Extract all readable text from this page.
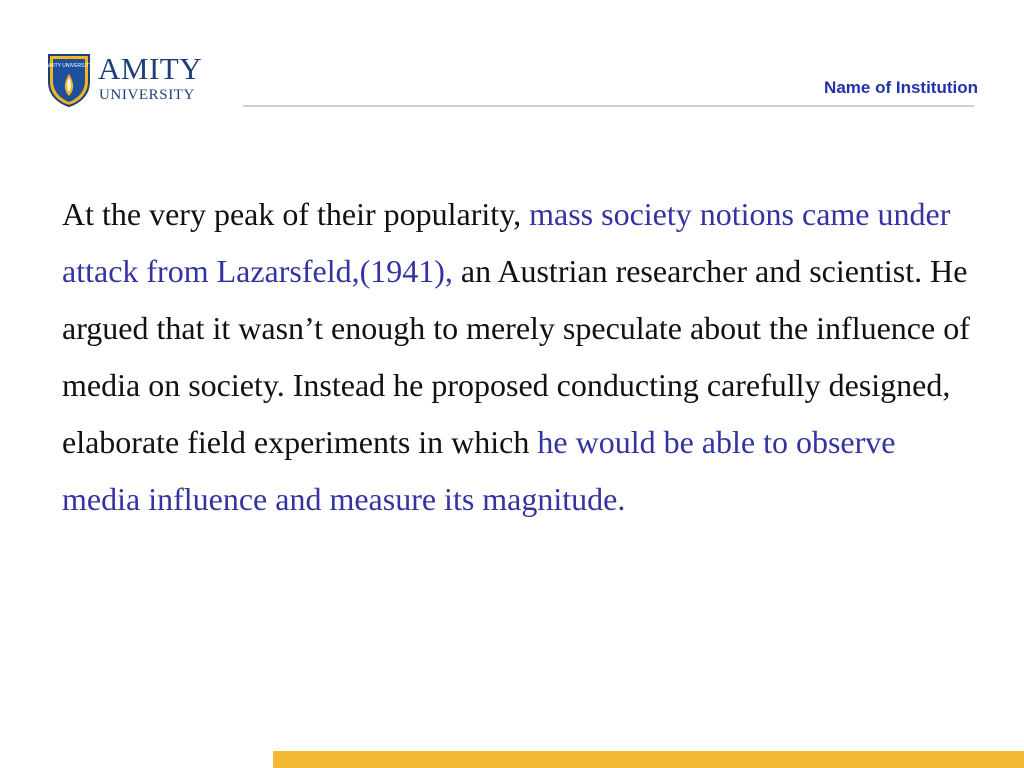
AMITY UNIVERSITY AMITY
UNIVERSITY	Name of Institution
At the very peak of their popularity, mass society notions came under attack from Lazarsfeld,(1941), an Austrian researcher and scientist. He argued that it wasn’t enough to merely speculate about the influence of media on society. Instead he proposed conducting carefully designed, elaborate field experiments in which he would be able to observe media influence and measure its magnitude.
